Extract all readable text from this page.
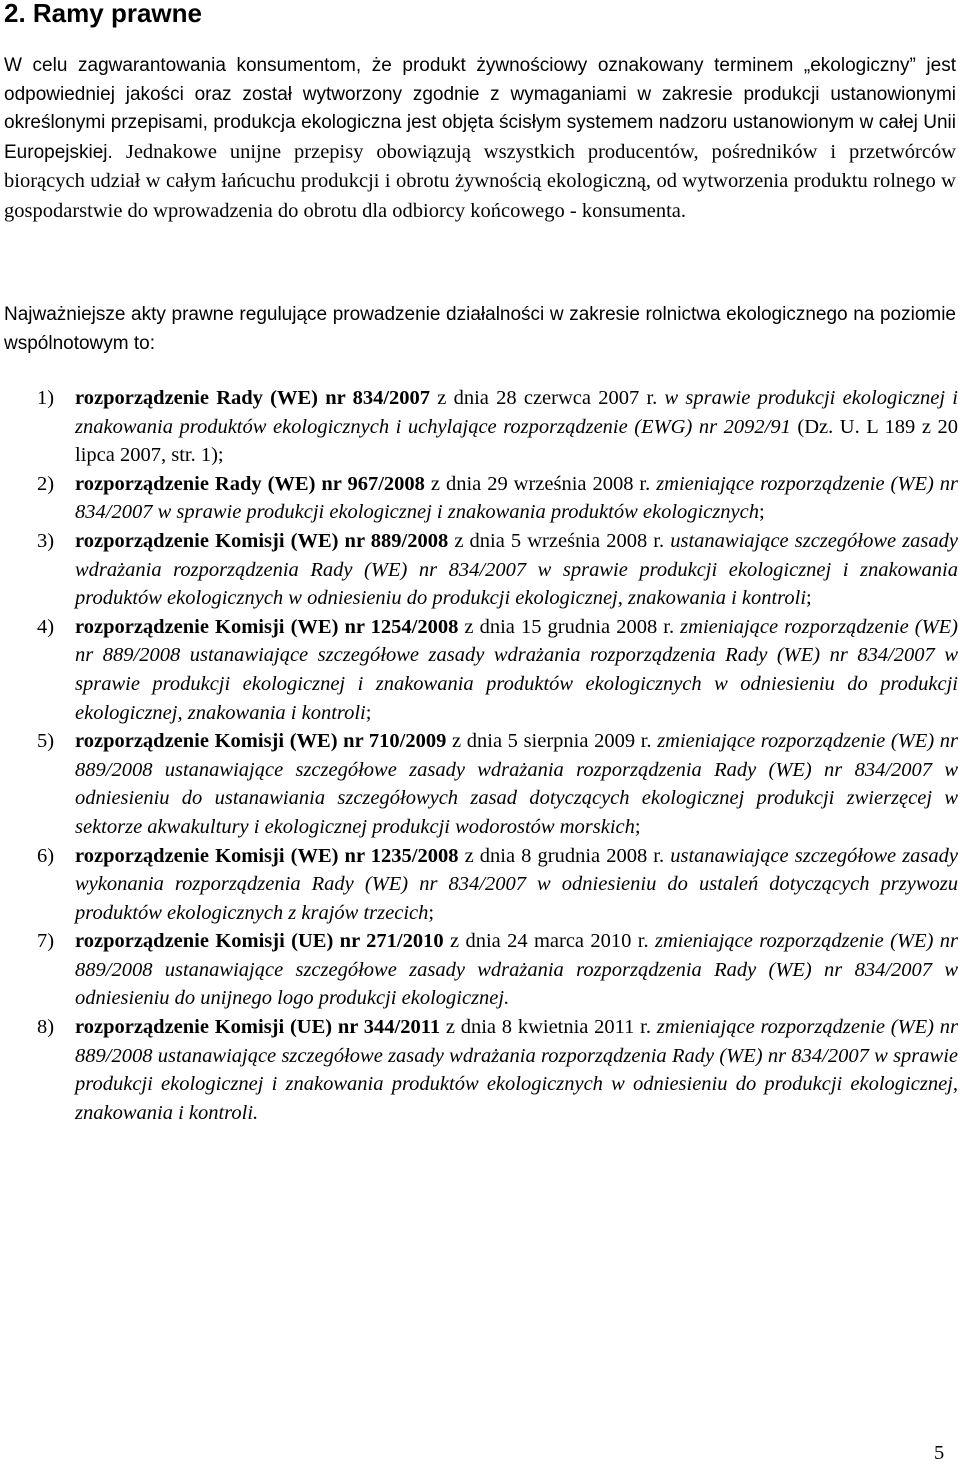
2. Ramy prawne

W celu zagwarantowania konsumentom, że produkt żywnościowy oznakowany terminem „ekologiczny” jest odpowiedniej jakości oraz został wytworzony zgodnie z wymaganiami w zakresie produkcji ustanowionymi określonymi przepisami, produkcja ekologiczna jest objęta ścisłym systemem nadzoru ustanowionym w całej Unii Europejskiej. Jednakowe unijne przepisy obowiązują wszystkich producentów, pośredników i przetwórców biorących udział w całym łańcuchu produkcji i obrotu żywnością ekologiczną, od wytworzenia produktu rolnego w gospodarstwie do wprowadzenia do obrotu dla odbiorcy końcowego - konsumenta.

Najważniejsze akty prawne regulujące prowadzenie działalności w zakresie rolnictwa ekologicznego na poziomie wspólnotowym to:

1) rozporządzenie Rady (WE) nr 834/2007 z dnia 28 czerwca 2007 r. w sprawie produkcji ekologicznej i znakowania produktów ekologicznych i uchylające rozporządzenie (EWG) nr 2092/91 (Dz. U. L 189 z 20 lipca 2007, str. 1);
2) rozporządzenie Rady (WE) nr 967/2008 z dnia 29 września 2008 r. zmieniające rozporządzenie (WE) nr 834/2007 w sprawie produkcji ekologicznej i znakowania produktów ekologicznych;
3) rozporządzenie Komisji (WE) nr 889/2008 z dnia 5 września 2008 r. ustanawiające szczegółowe zasady wdrażania rozporządzenia Rady (WE) nr 834/2007 w sprawie produkcji ekologicznej i znakowania produktów ekologicznych w odniesieniu do produkcji ekologicznej, znakowania i kontroli;
4) rozporządzenie Komisji (WE) nr 1254/2008 z dnia 15 grudnia 2008 r. zmieniające rozporządzenie (WE) nr 889/2008 ustanawiające szczegółowe zasady wdrażania rozporządzenia Rady (WE) nr 834/2007 w sprawie produkcji ekologicznej i znakowania produktów ekologicznych w odniesieniu do produkcji ekologicznej, znakowania i kontroli;
5) rozporządzenie Komisji (WE) nr 710/2009 z dnia 5 sierpnia 2009 r. zmieniające rozporządzenie (WE) nr 889/2008 ustanawiające szczegółowe zasady wdrażania rozporządzenia Rady (WE) nr 834/2007 w odniesieniu do ustanawiania szczegółowych zasad dotyczących ekologicznej produkcji zwierzęcej w sektorze akwakultury i ekologicznej produkcji wodorostów morskich;
6) rozporządzenie Komisji (WE) nr 1235/2008 z dnia 8 grudnia 2008 r. ustanawiające szczegółowe zasady wykonania rozporządzenia Rady (WE) nr 834/2007 w odniesieniu do ustaleń dotyczących przywozu produktów ekologicznych z krajów trzecich;
7) rozporządzenie Komisji (UE) nr 271/2010 z dnia 24 marca 2010 r. zmieniające rozporządzenie (WE) nr 889/2008 ustanawiające szczegółowe zasady wdrażania rozporządzenia Rady (WE) nr 834/2007 w odniesieniu do unijnego logo produkcji ekologicznej.
8) rozporządzenie Komisji (UE) nr 344/2011 z dnia 8 kwietnia 2011 r. zmieniające rozporządzenie (WE) nr 889/2008 ustanawiające szczegółowe zasady wdrażania rozporządzenia Rady (WE) nr 834/2007 w sprawie produkcji ekologicznej i znakowania produktów ekologicznych w odniesieniu do produkcji ekologicznej, znakowania i kontroli.
5
